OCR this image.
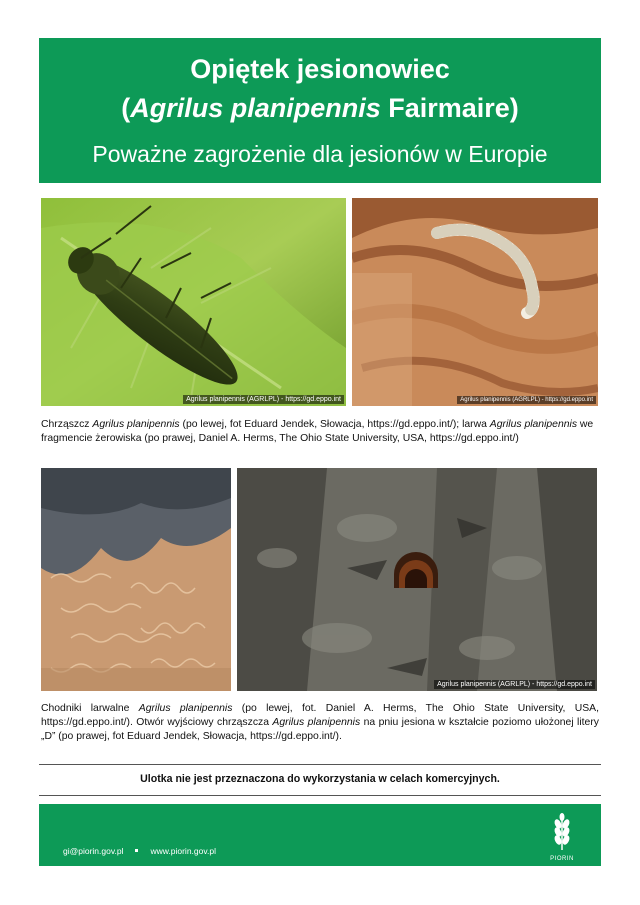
Opiętek jesionowiec
(Agrilus planipennis Fairmaire)
Poważne zagrożenie dla jesionów w Europie
Agrilus planipennis (AGRLPL) - https://gd.eppo.int	Agrilus planipennis (AGRLPL) - https://gd.eppo.int
Chrząszcz Agrilus planipennis (po lewej, fot Eduard Jendek, Słowacja, https://gd.eppo.int/); larwa Agrilus planipennis we fragmencie żerowiska (po prawej, Daniel A. Herms, The Ohio State University, USA, https://gd.eppo.int/)
Agrilus planipennis (AGRLPL) - https://gd.eppo.int
Chodniki larwalne Agrilus planipennis (po lewej, fot. Daniel A. Herms, The Ohio State University, USA, https://gd.eppo.int/). Otwór wyjściowy chrząszcza Agrilus planipennis na pniu jesiona w kształcie poziomo ułożonej litery „D” (po prawej, fot Eduard Jendek, Słowacja, https://gd.eppo.int/).
Ulotka nie jest przeznaczona do wykorzystania w celach komercyjnych.
gi@piorin.gov.pl	www.piorin.gov.pl
PIORIN
